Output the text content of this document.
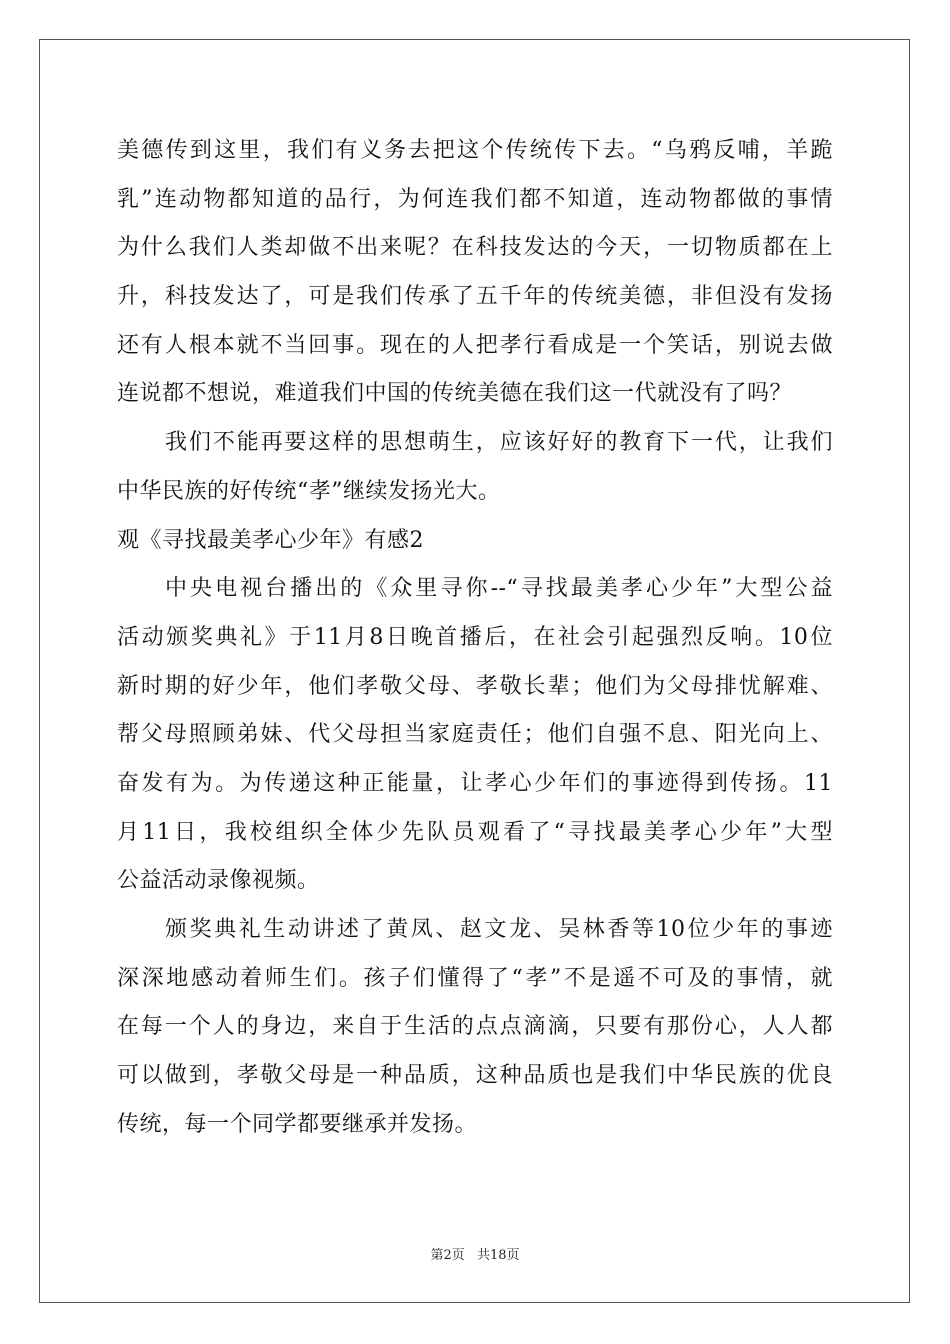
美德传到这里，我们有义务去把这个传统传下去。“乌鸦反哺，羊跪
乳”连动物都知道的品行，为何连我们都不知道，连动物都做的事情
为什么我们人类却做不出来呢？在科技发达的今天，一切物质都在上
升，科技发达了，可是我们传承了五千年的传统美德，非但没有发扬
还有人根本就不当回事。现在的人把孝行看成是一个笑话，别说去做
连说都不想说，难道我们中国的传统美德在我们这一代就没有了吗？
我们不能再要这样的思想萌生，应该好好的教育下一代，让我们
中华民族的好传统“孝”继续发扬光大。
观《寻找最美孝心少年》有感2
中央电视台播出的《众里寻你--“寻找最美孝心少年”大型公益
活动颁奖典礼》于11月8日晚首播后，在社会引起强烈反响。10位
新时期的好少年，他们孝敬父母、孝敬长辈；他们为父母排忧解难、
帮父母照顾弟妹、代父母担当家庭责任；他们自强不息、阳光向上、
奋发有为。为传递这种正能量，让孝心少年们的事迹得到传扬。11
月11日，我校组织全体少先队员观看了“寻找最美孝心少年”大型
公益活动录像视频。
颁奖典礼生动讲述了黄凤、赵文龙、吴林香等10位少年的事迹
深深地感动着师生们。孩子们懂得了“孝”不是遥不可及的事情，就
在每一个人的身边，来自于生活的点点滴滴，只要有那份心，人人都
可以做到，孝敬父母是一种品质，这种品质也是我们中华民族的优良
传统，每一个同学都要继承并发扬。
第2页 共18页
